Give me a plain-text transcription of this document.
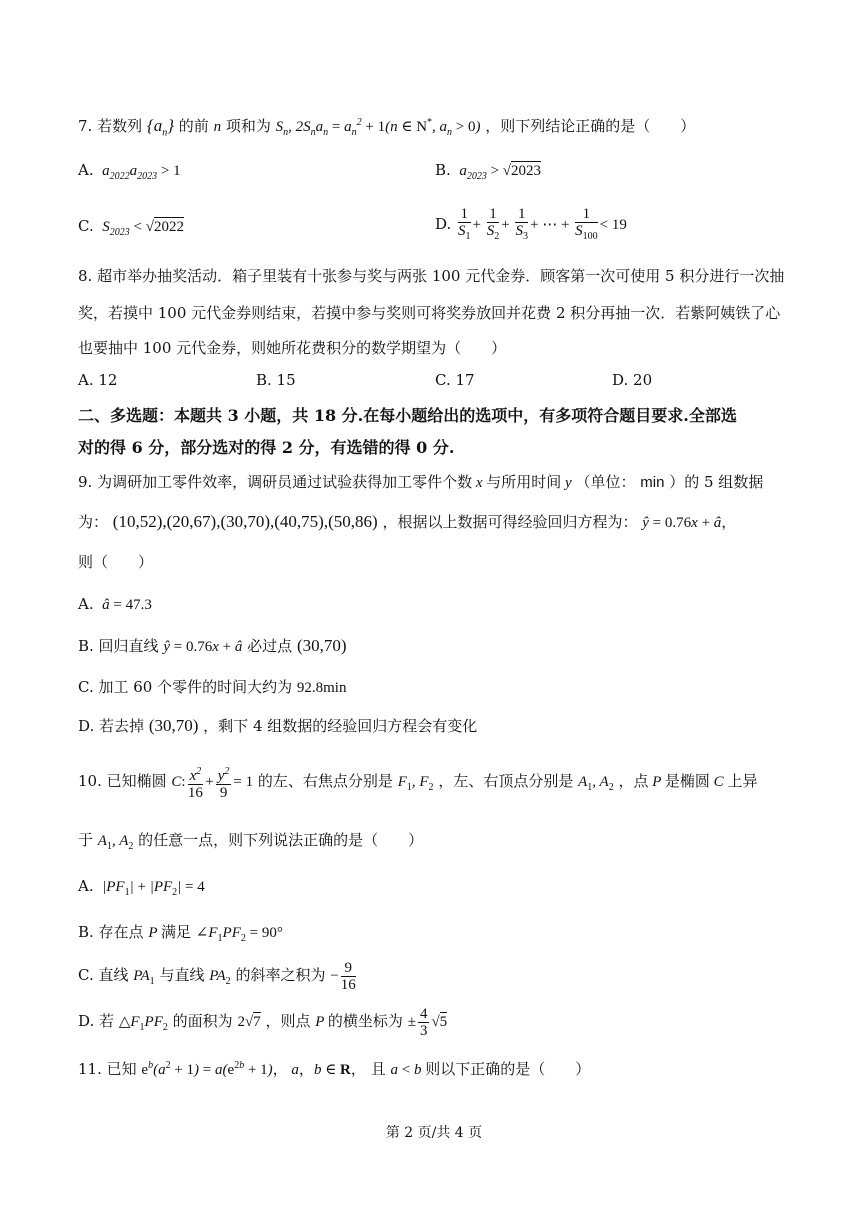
7. 若数列 $\{a_n\}$ 的前 n 项和为 $S_n$, $2S_na_n = a_n^2 + 1(n$ ∈ N*, $a_n > 0$) ，则下列结论正确的是（　　）
A. $a_{2022}a_{2023} > 1$	B. $a_{2023} > √2023$
C. $S_{2023} < √2022$	D. $\frac{1}{S_1} + \frac{1}{S_2} + \frac{1}{S_3}$ + ⋯ + $\frac{1}{S_{100}} < 19$
8. 超市举办抽奖活动．箱子里装有十张参与奖与两张 100 元代金券．顾客第一次可使用 5 积分进行一次抽
奖，若摸中 100 元代金券则结束，若摸中参与奖则可将奖券放回并花费 2 积分再抽一次．若紫阿姨铁了心
也要抽中 100 元代金券，则她所花费积分的数学期望为（　　）
A. 12	B. 15	C. 17	D. 20
二、多选题：本题共 3 小题，共 18 分.在每小题给出的选项中，有多项符合题目要求.全部选
对的得 6 分，部分选对的得 2 分，有选错的得 0 分.
9. 为调研加工零件效率，调研员通过试验获得加工零件个数 x 与所用时间 y （单位： min ）的 5 组数据
为： (10,52),(20,67),(30,70),(40,75),(50,86) ，根据以上数据可得经验回归方程为： ŷ = 0.76x + â，
则（　　）
A. â = 47.3
B. 回归直线 ŷ = 0.76x + â 必过点 (30,70)
C. 加工 60 个零件的时间大约为 92.8min
D. 若去掉 (30,70) ，剩下 4 组数据的经验回归方程会有变化
10. 已知椭圆 C: $\frac{x^2}{16} + \frac{y^2}{9} = 1$ 的左、右焦点分别是 $F_1$, $F_2$ ，左、右顶点分别是 $A_1$, $A_2$ ，点 P 是椭圆 C 上异
于 $A_1$, $A_2$ 的任意一点，则下列说法正确的是（　　）
A.  $|PF_1| + |PF_2| = 4$
B. 存在点 P 满足 $\angle F_1PF_2 = 90^\circ$
C. 直线 $PA_1$ 与直线 $PA_2$ 的斜率之积为 − $\frac{9}{16}$
D. 若 $\triangle F_1PF_2$ 的面积为 2√7 ，则点 P 的横坐标为 ± $\frac{4}{3} √5$
11. 已知 $e^b(a^2 + 1) = a(e^{2b} + 1)$， a，b ∈ R， 且 a < b 则以下正确的是（　　）
第 2 页/共 4 页
